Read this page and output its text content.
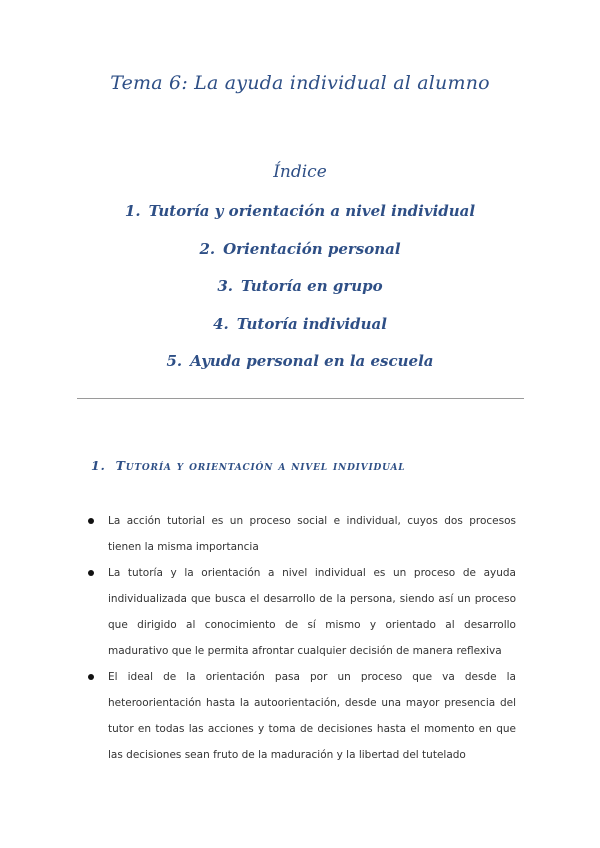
Tema 6: La ayuda individual al alumno
Índice
1. Tutoría y orientación a nivel individual
2. Orientación personal
3. Tutoría en grupo
4. Tutoría individual
5. Ayuda personal en la escuela
1. Tutoría y orientación a nivel individual
La acción tutorial es un proceso social e individual, cuyos dos procesos tienen la misma importancia
La tutoría y la orientación a nivel individual es un proceso de ayuda individualizada que busca el desarrollo de la persona, siendo así un proceso que dirigido al conocimiento de sí mismo y orientado al desarrollo madurativo que le permita afrontar cualquier decisión de manera reflexiva
El ideal de la orientación pasa por un proceso que va desde la heteroorientación hasta la autoorientación, desde una mayor presencia del tutor en todas las acciones y toma de decisiones hasta el momento en que las decisiones sean fruto de la maduración y la libertad del tutelado
